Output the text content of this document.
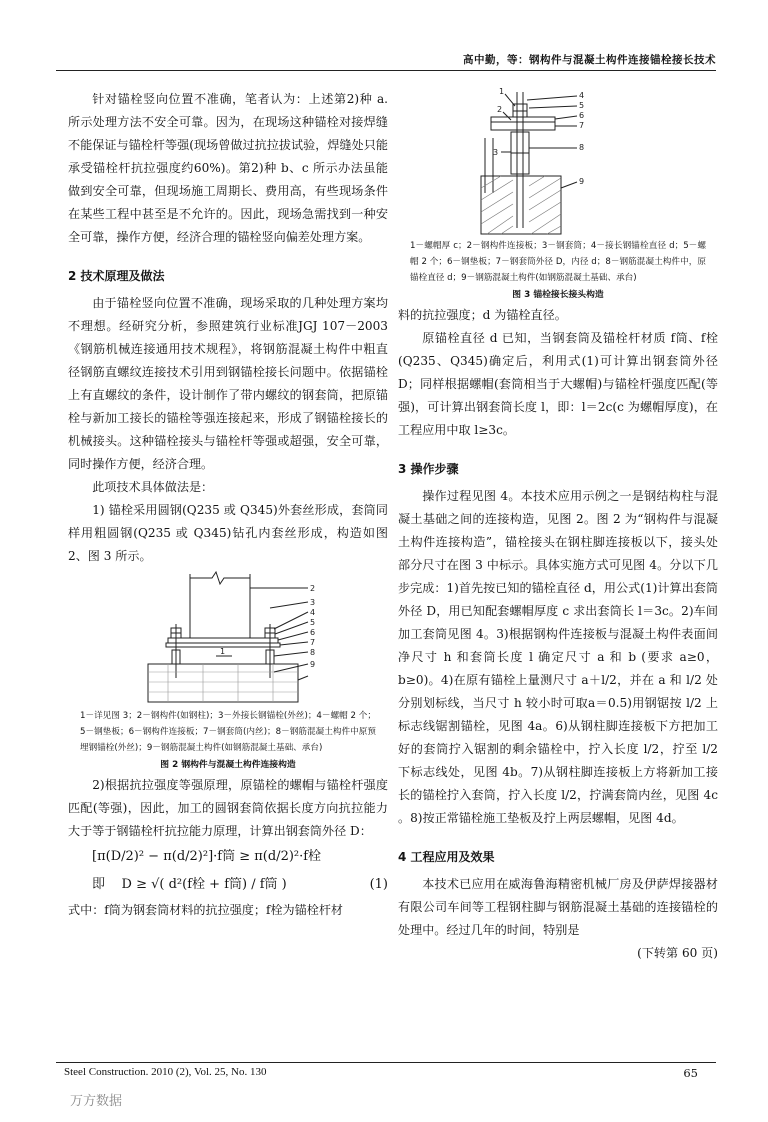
高中勤，等：钢构件与混凝土构件连接锚栓接长技术

针对锚栓竖向位置不准确，笔者认为：上述第2)种 a. 所示处理方法不安全可靠。因为，在现场这种锚栓对接焊缝不能保证与锚栓杆等强(现场曾做过抗拉拔试验，焊缝处只能承受锚栓杆抗拉强度约60%)。第2)种 b、c 所示办法虽能做到安全可靠，但现场施工周期长、费用高，有些现场条件在某些工程中甚至是不允许的。因此，现场急需找到一种安全可靠，操作方便，经济合理的锚栓竖向偏差处理方案。

2 技术原理及做法

由于锚栓竖向位置不准确，现场采取的几种处理方案均不理想。经研究分析，参照建筑行业标准JGJ 107－2003《钢筋机械连接通用技术规程》，将钢筋混凝土构件中粗直径钢筋直螺纹连接技术引用到钢锚栓接长问题中。依据锚栓上有直螺纹的条件，设计制作了带内螺纹的钢套筒，把原锚栓与新加工接长的锚栓等强连接起来，形成了钢锚栓接长的机械接头。这种锚栓接头与锚栓杆等强或超强，安全可靠，同时操作方便，经济合理。

此项技术具体做法是：

1) 锚栓采用圆钢(Q235 或 Q345)外套丝形成，套筒同样用粗圆钢(Q235 或 Q345)钻孔内套丝形成，构造如图 2、图 3 所示。

2
3
4
5
6
7
8
9
1
1－详见图 3；2－钢构件(如钢柱)；3－外接长钢锚栓(外丝)；4－螺帽 2 个；5－钢垫板；6－钢构件连接板；7－钢套筒(内丝)；8－钢筋混凝土构件中原预埋钢锚栓(外丝)；9－钢筋混凝土构件(如钢筋混凝土基础、承台)
图 2 钢构件与混凝土构件连接构造

2)根据抗拉强度等强原理，原锚栓的螺帽与锚栓杆强度匹配(等强)，因此，加工的圆钢套筒依据长度方向抗拉能力大于等于钢锚栓杆抗拉能力原理，计算出钢套筒外径 D：

[π(D/2)² − π(d/2)²]·f筒 ≥ π(d/2)²·f栓
即 D ≥ √( d²(f栓 + f筒) / f筒 )	(1)

式中：f筒为钢套筒材料的抗拉强度；f栓为锚栓杆材

1
2
3
4
5
6
7
8
9
1－螺帽厚 c；2－钢构件连接板；3－钢套筒；4－接长钢锚栓直径 d；5－螺帽 2 个；6－钢垫板；7－钢套筒外径 D，内径 d；8－钢筋混凝土构件中，原锚栓直径 d；9－钢筋混凝土构件(如钢筋混凝土基础、承台)
图 3 锚栓接长接头构造

料的抗拉强度；d 为锚栓直径。

原锚栓直径 d 已知，当钢套筒及锚栓杆材质 f筒、f栓(Q235、Q345)确定后，利用式(1)可计算出钢套筒外径 D；同样根据螺帽(套筒相当于大螺帽)与锚栓杆强度匹配(等强)，可计算出钢套筒长度 l，即：l＝2c(c 为螺帽厚度)，在工程应用中取 l≥3c。

3 操作步骤

操作过程见图 4。本技术应用示例之一是钢结构柱与混凝土基础之间的连接构造，见图 2。图 2 为“钢构件与混凝土构件连接构造”，锚栓接头在钢柱脚连接板以下，接头处部分尺寸在图 3 中标示。具体实施方式可见图 4。分以下几步完成：1)首先按已知的锚栓直径 d，用公式(1)计算出套筒外径 D，用已知配套螺帽厚度 c 求出套筒长 l＝3c。2)车间加工套筒见图 4。3)根据钢构件连接板与混凝土构件表面间净尺寸 h 和套筒长度 l 确定尺寸 a 和 b (要求 a≥0，b≥0)。4)在原有锚栓上量测尺寸 a＋l/2，并在 a 和 l/2 处分别划标线，当尺寸 h 较小时可取a＝0.5)用钢锯按 l/2 上标志线锯割锚栓，见图 4a。6)从钢柱脚连接板下方把加工好的套筒拧入锯割的剩余锚栓中，拧入长度 l/2，拧至 l/2 下标志线处，见图 4b。7)从钢柱脚连接板上方将新加工接长的锚栓拧入套筒，拧入长度 l/2，拧满套筒内丝，见图 4c 。8)按正常锚栓施工垫板及拧上两层螺帽，见图 4d。

4 工程应用及效果

本技术已应用在威海鲁海精密机械厂房及伊萨焊接器材有限公司车间等工程钢柱脚与钢筋混凝土基础的连接锚栓的处理中。经过几年的时间，特别是

(下转第 60 页)
Steel Construction. 2010 (2), Vol. 25, No. 130	65
万方数据
